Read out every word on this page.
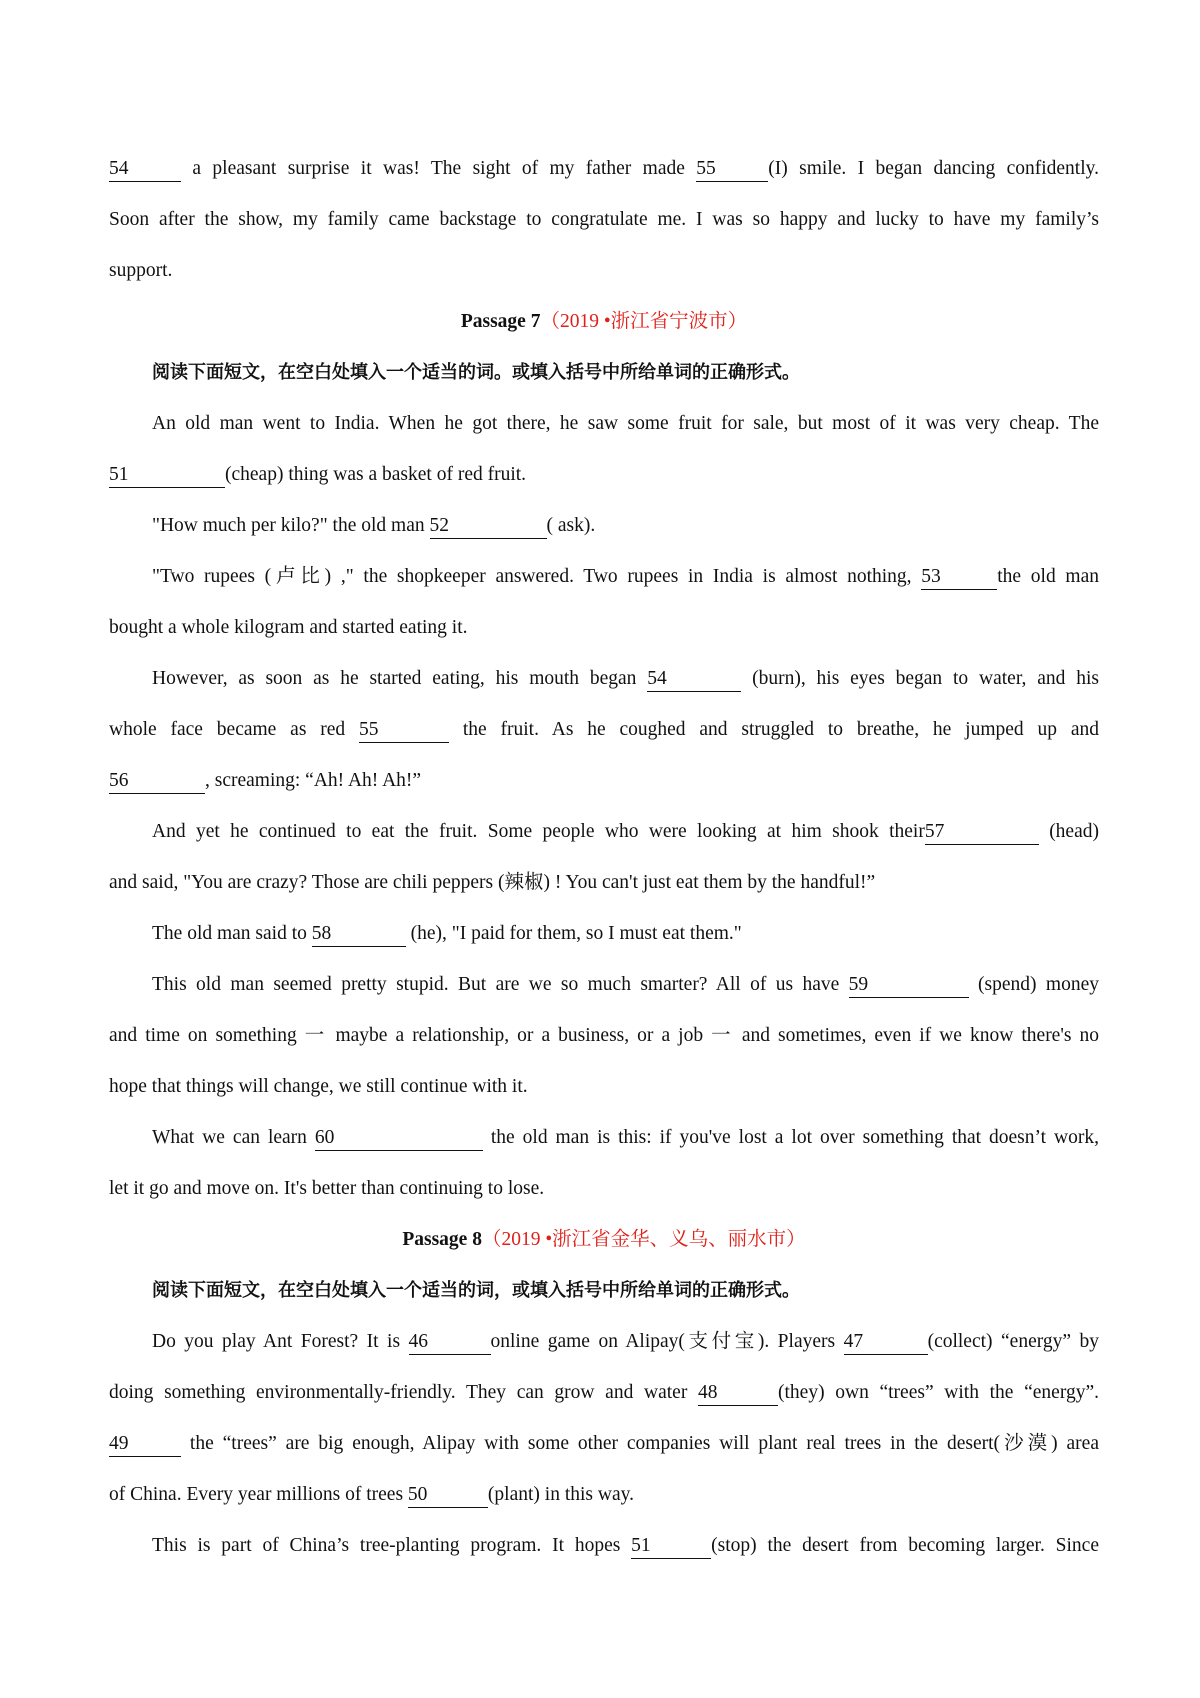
54	a pleasant surprise it was! The sight of my father made 55	(I) smile. I began dancing confidently.
Soon after the show, my family came backstage to congratulate me. I was so happy and lucky to have my family’s
support.
Passage 7（2019 •浙江省宁波市）
阅读下面短文，在空白处填入一个适当的词。或填入括号中所给单词的正确形式。
An old man went to India. When he got there, he saw some fruit for sale, but most of it was very cheap. The
51	(cheap) thing was a basket of red fruit.
"How much per kilo?" the old man 52	( ask).
"Two rupees (卢比) ," the shopkeeper answered. Two rupees in India is almost nothing, 53	the old man
bought a whole kilogram and started eating it.
However, as soon as he started eating, his mouth began 54	(burn), his eyes began to water, and his
whole face became as red 55	the fruit. As he coughed and struggled to breathe, he jumped up and
56	, screaming: “Ah! Ah! Ah!”
And yet he continued to eat the fruit. Some people who were looking at him shook their57	(head)
and said, "You are crazy? Those are chili peppers (辣椒) ! You can't just eat them by the handful!”
The old man said to 58	(he), "I paid for them, so I must eat them."
This old man seemed pretty stupid. But are we so much smarter? All of us have 59	(spend) money
and time on something 一 maybe a relationship, or a business, or a job 一 and sometimes, even if we know there's no
hope that things will change, we still continue with it.
What we can learn 60	the old man is this: if you've lost a lot over something that doesn’t work,
let it go and move on. It's better than continuing to lose.
Passage 8（2019 •浙江省金华、义乌、丽水市）
阅读下面短文，在空白处填入一个适当的词，或填入括号中所给单词的正确形式。
Do you play Ant Forest? It is 46	online game on Alipay(支付宝). Players 47	(collect) “energy” by
doing something environmentally-friendly. They can grow and water 48	(they) own “trees” with the “energy”.
49	the “trees” are big enough, Alipay with some other companies will plant real trees in the desert(沙漠) area
of China. Every year millions of trees 50	(plant) in this way.
This is part of China’s tree-planting program. It hopes 51	(stop) the desert from becoming larger. Since
